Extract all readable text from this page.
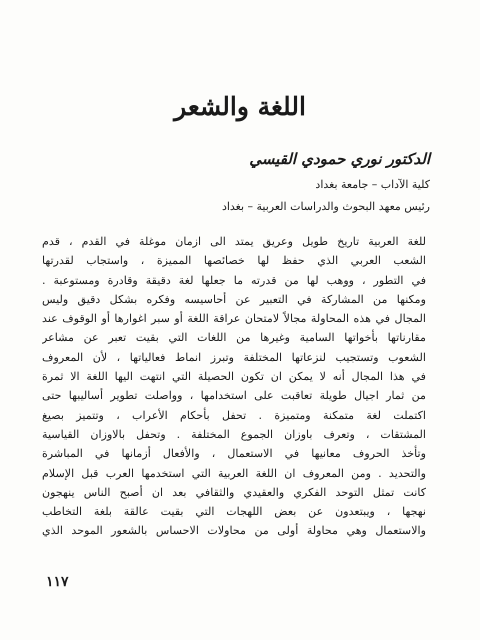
اللغة والشعر
الدكتور نوري حمودي القيسي
كلية الآداب – جامعة بغداد
رئيس معهد البحوث والدراسات العربية – بغداد
للغة العربية تاريخ طويل وعريق يمتد الى ازمان موغلة في القدم ، قدم
الشعب العربي الذي حفظ لها خصائصها المميزة ، واستجاب لقدرتها
في التطور ، ووهب لها من قدرته ما جعلها لغة دقيقة وقادرة ومستوعبة .
ومكنها من المشاركة في التعبير عن أحاسيسه وفكره بشكل دقيق وليس
المجال في هذه المحاولة مجالاً لامتحان عراقة اللغة أو سبر اغوارها أو الوقوف عند
مقارناتها بأخواتها السامية وغيرها من اللغات التي بقيت تعبر عن مشاعر
الشعوب وتستجيب لنزعاتها المختلفة وتبرز انماط فعالياتها ، لأن المعروف
في هذا المجال أنه لا يمكن ان تكون الحصيلة التي انتهت اليها اللغة الا ثمرة
من ثمار اجيال طويلة تعاقبت على استخدامها ، وواصلت تطوير أساليبها حتى
اكتملت لغة متمكنة ومتميزة . تحفل بأحكام الأعراب ، وتتميز بصيغ
المشتقات ، وتعرف باوزان الجموع المختلفة . وتحفل بالاوزان القياسية
وتأخذ الحروف معانيها في الاستعمال ، والأفعال أزمانها في المباشرة
والتحديد . ومن المعروف ان اللغة العربية التي استخدمها العرب قبل الإسلام
كانت تمثل التوحد الفكري والعقيدي والثقافي بعد ان أصبح الناس ينهجون
نهجها ، ويبتعدون عن بعض اللهجات التي بقيت عالقة بلغة التخاطب
والاستعمال وهي محاولة أولى من محاولات الاحساس بالشعور الموحد الذي
١١٧
